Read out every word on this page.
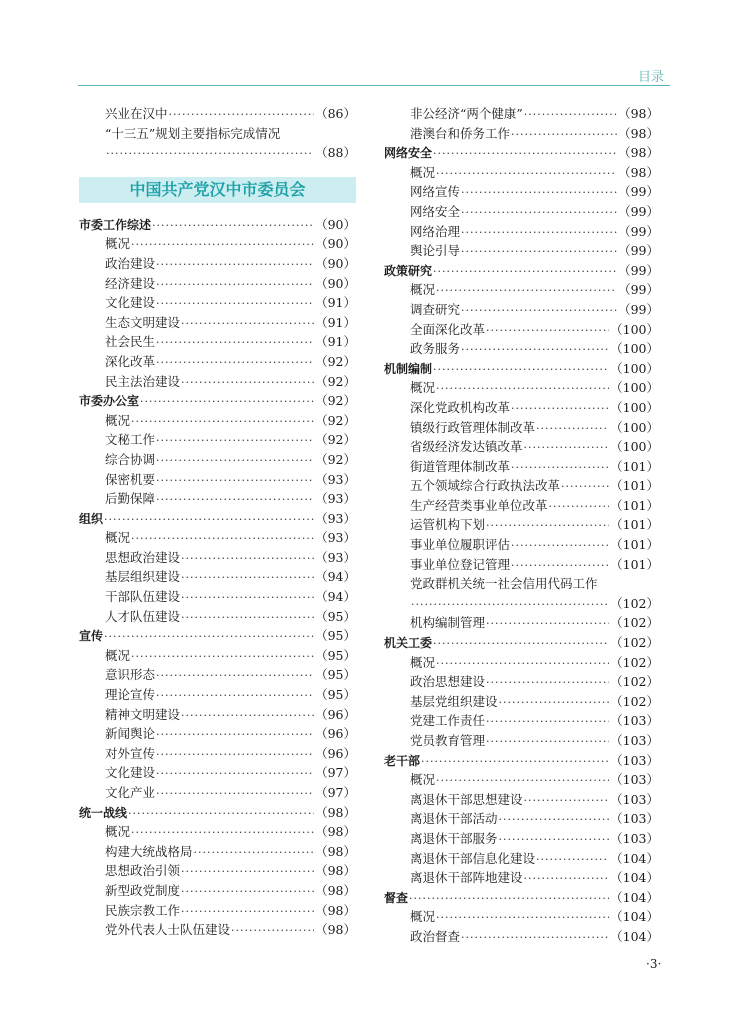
目录
兴业在汉中 ·····	（86）
“十三五”规划主要指标完成情况
·····
（88）
中国共产党汉中市委员会
市委工作综述 ·····	（90）
概况 ·····	（90）
政治建设 ·····	（90）
经济建设 ·····	（90）
文化建设 ·····	（91）
生态文明建设 ·····	（91）
社会民生 ·····	（91）
深化改革 ·····	（92）
民主法治建设 ·····	（92）
市委办公室 ·····	（92）
概况 ·····	（92）
文秘工作 ·····	（92）
综合协调 ·····	（92）
保密机要 ·····	（93）
后勤保障 ·····	（93）
组织 ·····	（93）
概况 ·····	（93）
思想政治建设 ·····	（93）
基层组织建设 ·····	（94）
干部队伍建设 ·····	（94）
人才队伍建设 ·····	（95）
宣传 ·····	（95）
概况 ·····	（95）
意识形态 ·····	（95）
理论宣传 ·····	（95）
精神文明建设 ·····	（96）
新闻舆论 ·····	（96）
对外宣传 ·····	（96）
文化建设 ·····	（97）
文化产业 ·····	（97）
统一战线 ·····	（98）
概况 ·····	（98）
构建大统战格局 ·····	（98）
思想政治引领 ·····	（98）
新型政党制度 ·····	（98）
民族宗教工作 ·····	（98）
党外代表人士队伍建设 ·····	（98）
非公经济“两个健康” ·····	（98）
港澳台和侨务工作 ·····	（98）
网络安全 ·····	（98）
概况 ·····	（98）
网络宣传 ·····	（99）
网络安全 ·····	（99）
网络治理 ·····	（99）
舆论引导 ·····	（99）
政策研究 ·····	（99）
概况 ·····	（99）
调查研究 ·····	（99）
全面深化改革 ·····	（100）
政务服务 ·····	（100）
机制编制 ·····	（100）
概况 ·····	（100）
深化党政机构改革 ·····	（100）
镇级行政管理体制改革 ·····	（100）
省级经济发达镇改革 ·····	（100）
街道管理体制改革 ·····	（101）
五个领域综合行政执法改革 ·····	（101）
生产经营类事业单位改革 ·····	（101）
运管机构下划 ·····	（101）
事业单位履职评估 ·····	（101）
事业单位登记管理 ·····	（101）
党政群机关统一社会信用代码工作
·····
（102）
机构编制管理 ·····	（102）
机关工委 ·····	（102）
概况 ·····	（102）
政治思想建设 ·····	（102）
基层党组织建设 ·····	（102）
党建工作责任 ·····	（103）
党员教育管理 ·····	（103）
老干部 ·····	（103）
概况 ·····	（103）
离退休干部思想建设 ·····	（103）
离退休干部活动 ·····	（103）
离退休干部服务 ·····	（103）
离退休干部信息化建设 ·····	（104）
离退休干部阵地建设 ·····	（104）
督查 ·····	（104）
概况 ·····	（104）
政治督查 ·····	（104）
·3·
